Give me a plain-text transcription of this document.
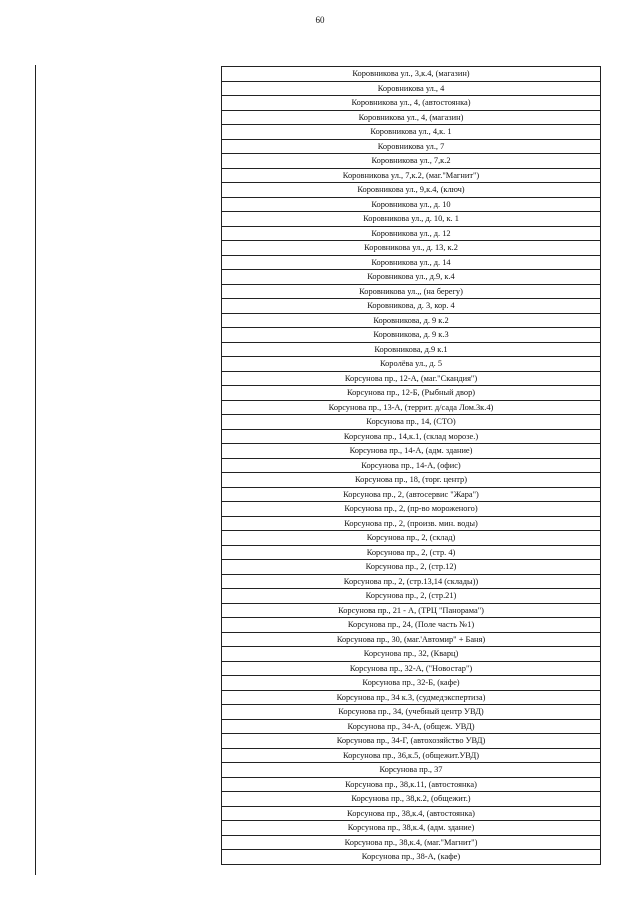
60
Коровникова ул., 3,к.4, (магазин)
Коровникова ул., 4
Коровникова ул., 4, (автостоянка)
Коровникова ул., 4, (магазин)
Коровникова ул., 4,к. 1
Коровникова ул., 7
Коровникова ул., 7,к.2
Коровникова ул., 7,к.2, (маг."Магнит")
Коровникова ул., 9,к.4, (ключ)
Коровникова ул., д. 10
Коровникова ул., д. 10, к. 1
Коровникова ул., д. 12
Коровникова ул., д. 13, к.2
Коровникова ул., д. 14
Коровникова ул., д.9, к.4
Коровникова ул.,, (на берегу)
Коровникова, д. 3, кор. 4
Коровникова, д. 9 к.2
Коровникова, д. 9 к.3
Коровникова, д.9 к.1
Королёва ул., д. 5
Корсунова пр., 12-А, (маг."Скандия")
Корсунова пр., 12-Б, (Рыбный двор)
Корсунова пр., 13-А, (террит. д/сада Лом.3к.4)
Корсунова пр., 14, (СТО)
Корсунова пр., 14,к.1, (склад морозе.)
Корсунова пр., 14-А, (адм. здание)
Корсунова пр., 14-А, (офис)
Корсунова пр., 18, (торг. центр)
Корсунова пр., 2, (автосервис "Жара")
Корсунова пр., 2, (пр-во мороженого)
Корсунова пр., 2, (произв. мин. воды)
Корсунова пр., 2, (склад)
Корсунова пр., 2, (стр. 4)
Корсунова пр., 2, (стр.12)
Корсунова пр., 2, (стр.13,14 (склады))
Корсунова пр., 2, (стр.21)
Корсунова пр., 21 - А, (ТРЦ "Панорама")
Корсунова пр., 24, (Поле часть №1)
Корсунова пр., 30, (маг.'Автомир" + Баня)
Корсунова пр., 32, (Кварц)
Корсунова пр., 32-А, ("Новостар")
Корсунова пр., 32-Б, (кафе)
Корсунова пр., 34 к.3, (судмедэкспертиза)
Корсунова пр., 34, (учебный центр УВД)
Корсунова пр., 34-А, (общеж. УВД)
Корсунова пр., 34-Г, (автохозяйство УВД)
Корсунова пр., 36,к.5, (общежит.УВД)
Корсунова пр., 37
Корсунова пр., 38,к.11, (автостоянка)
Корсунова пр., 38,к.2, (общежит.)
Корсунова пр., 38,к.4, (автостоянка)
Корсунова пр., 38,к.4, (адм. здание)
Корсунова пр., 38,к.4, (маг."Магнит")
Корсунова пр., 38-А, (кафе)
